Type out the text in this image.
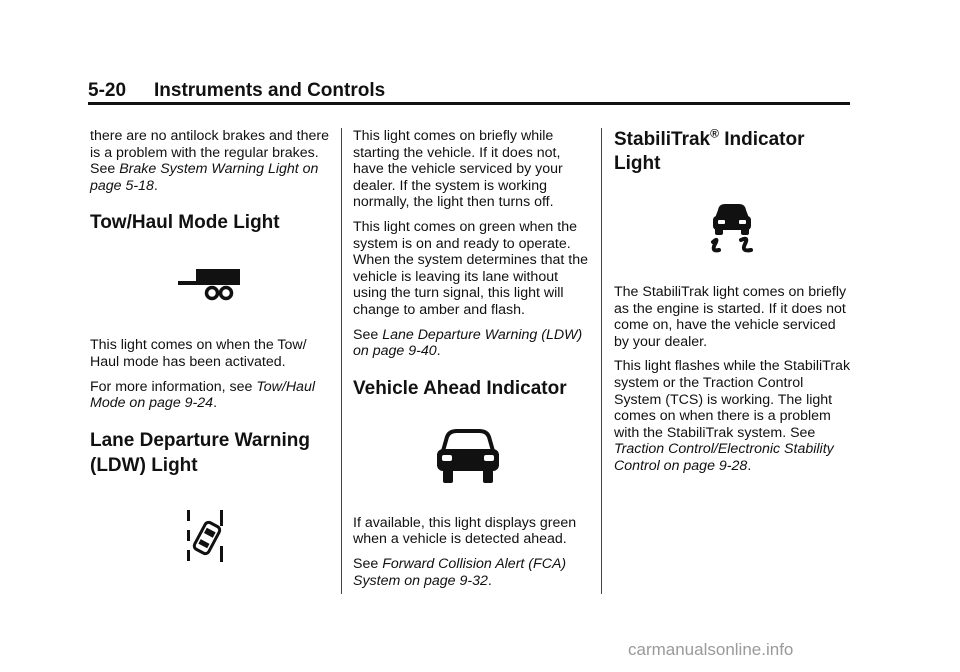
5-20 Instruments and Controls

there are no antilock brakes and there is a problem with the regular brakes. See Brake System Warning Light on page 5-18.

Tow/Haul Mode Light

This light comes on when the Tow/ Haul mode has been activated.

For more information, see Tow/Haul Mode on page 9-24.

Lane Departure Warning (LDW) Light

This light comes on briefly while starting the vehicle. If it does not, have the vehicle serviced by your dealer. If the system is working normally, the light then turns off.

This light comes on green when the system is on and ready to operate. When the system determines that the vehicle is leaving its lane without using the turn signal, this light will change to amber and flash.

See Lane Departure Warning (LDW) on page 9-40.

Vehicle Ahead Indicator

If available, this light displays green when a vehicle is detected ahead.

See Forward Collision Alert (FCA) System on page 9-32.

StabiliTrak® Indicator Light

The StabiliTrak light comes on briefly as the engine is started. If it does not come on, have the vehicle serviced by your dealer.

This light flashes while the StabiliTrak system or the Traction Control System (TCS) is working. The light comes on when there is a problem with the StabiliTrak system. See Traction Control/Electronic Stability Control on page 9-28.

carmanualsonline.info
